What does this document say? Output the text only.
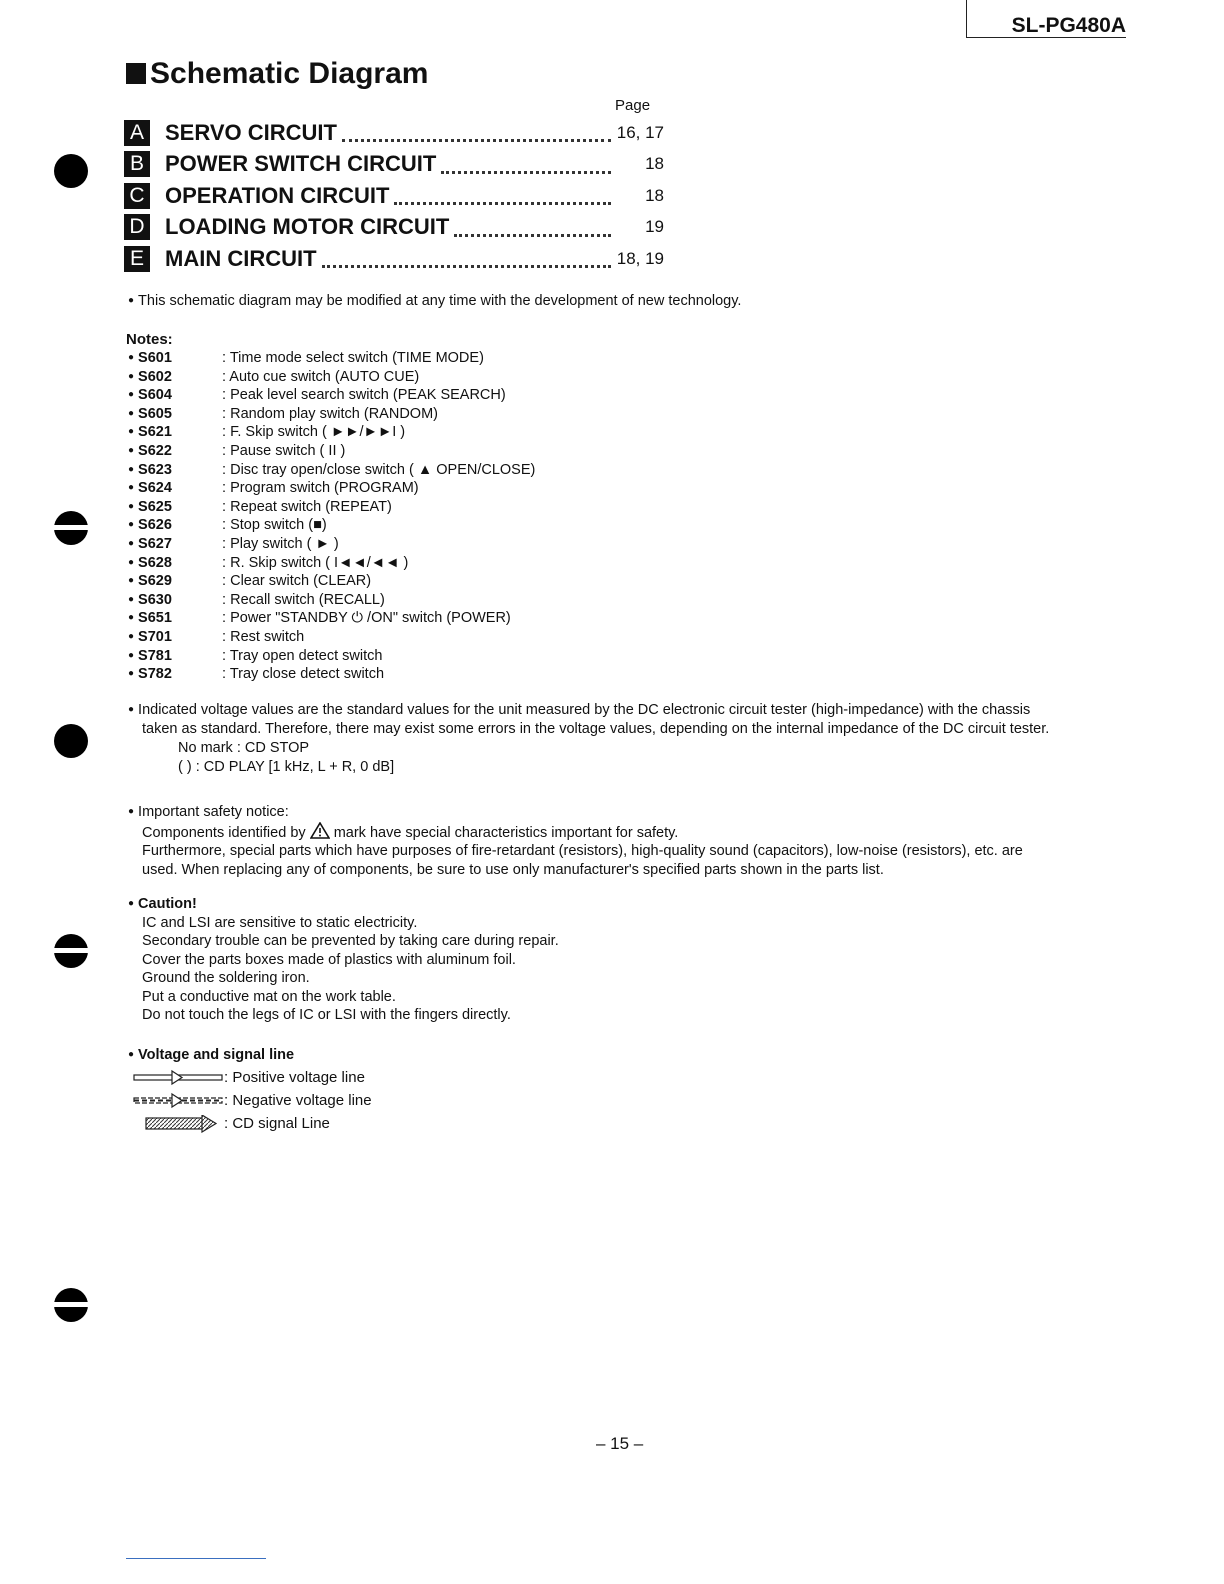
SL-PG480A
Schematic Diagram
Page
A SERVO CIRCUIT	16, 17
B POWER SWITCH CIRCUIT	18
C OPERATION CIRCUIT	18
D LOADING MOTOR CIRCUIT	19
E MAIN CIRCUIT	18, 19
● This schematic diagram may be modified at any time with the development of new technology.
Notes:
● S601	: Time mode select switch (TIME MODE)
● S602	: Auto cue switch (AUTO CUE)
● S604	: Peak level search switch (PEAK SEARCH)
● S605	: Random play switch (RANDOM)
● S621	: F. Skip switch ( ►►/►►I )
● S622	: Pause switch ( II )
● S623	: Disc tray open/close switch ( ▲ OPEN/CLOSE)
● S624	: Program switch (PROGRAM)
● S625	: Repeat switch (REPEAT)
● S626	: Stop switch (■)
● S627	: Play switch ( ► )
● S628	: R. Skip switch ( I◄◄/◄◄ )
● S629	: Clear switch (CLEAR)
● S630	: Recall switch (RECALL)
● S651	: Power "STANDBY ⏻ /ON" switch (POWER)
● S701	: Rest switch
● S781	: Tray open detect switch
● S782	: Tray close detect switch
● Indicated voltage values are the standard values for the unit measured by the DC electronic circuit tester (high-impedance) with the chassis
taken as standard. Therefore, there may exist some errors in the voltage values, depending on the internal impedance of the DC circuit tester.
No mark : CD STOP
( ) : CD PLAY [1 kHz, L + R, 0 dB]
● Important safety notice:
Components identified by mark have special characteristics important for safety.
Furthermore, special parts which have purposes of fire-retardant (resistors), high-quality sound (capacitors), low-noise (resistors), etc. are
used. When replacing any of components, be sure to use only manufacturer's specified parts shown in the parts list.
● Caution!
IC and LSI are sensitive to static electricity.
Secondary trouble can be prevented by taking care during repair.
Cover the parts boxes made of plastics with aluminum foil.
Ground the soldering iron.
Put a conductive mat on the work table.
Do not touch the legs of IC or LSI with the fingers directly.
● Voltage and signal line
: Positive voltage line
: Negative voltage line
: CD signal Line
– 15 –
